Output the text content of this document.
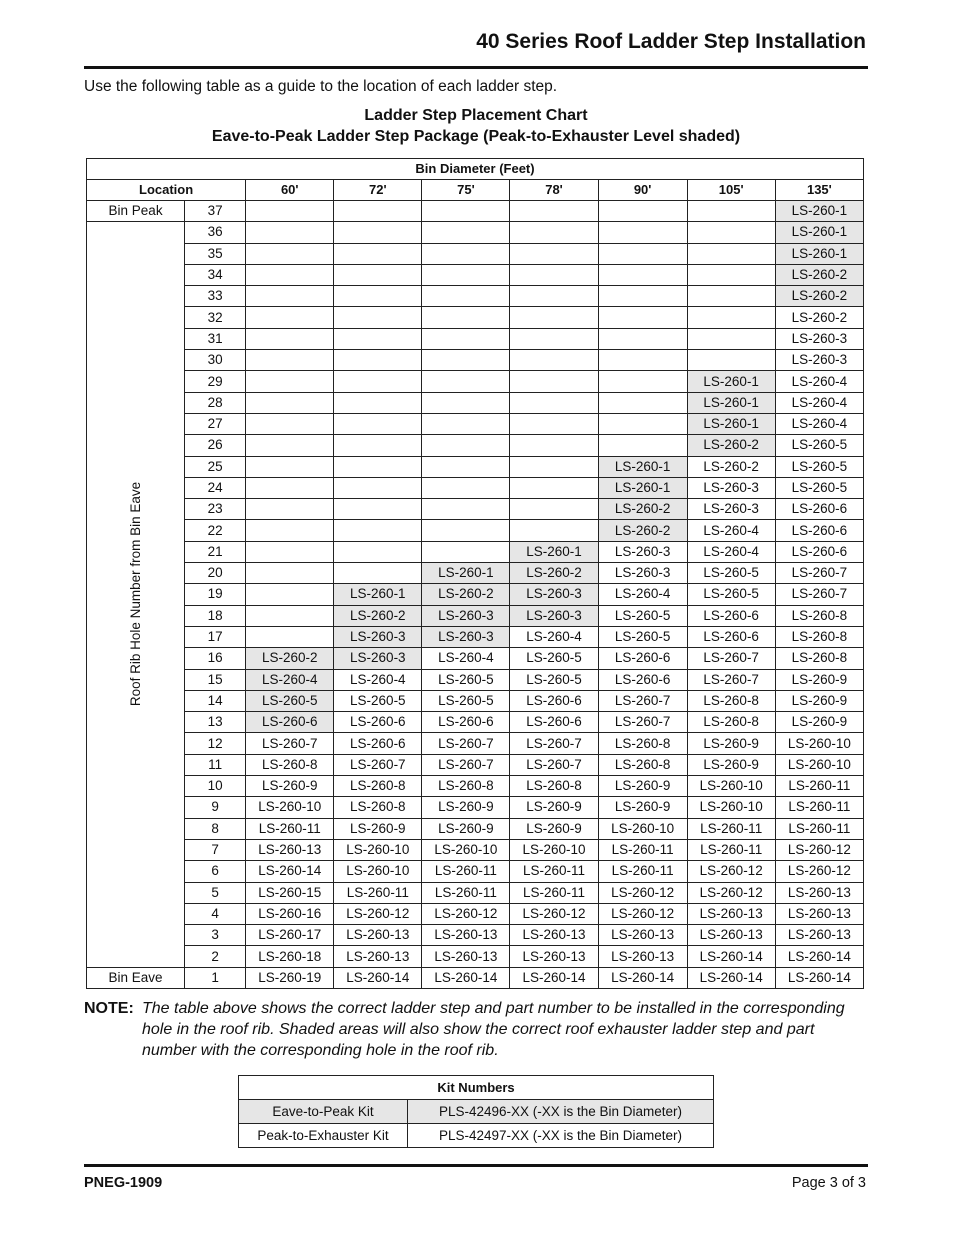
40 Series Roof Ladder Step Installation
Use the following table as a guide to the location of each ladder step.
Ladder Step Placement Chart
Eave-to-Peak Ladder Step Package (Peak-to-Exhauster Level shaded)
Bin Diameter (Feet)								
Location		60'	72'	75'	78'	90'	105'	135'
Bin Peak	37							LS-260-1

Roof Rib Hole Number from Bin Eave	36							LS-260-1
	35							LS-260-1
	34							LS-260-2
	33							LS-260-2
	32							LS-260-2
	31							LS-260-3
	30							LS-260-3
	29						LS-260-1	LS-260-4
	28						LS-260-1	LS-260-4
	27						LS-260-1	LS-260-4
	26						LS-260-2	LS-260-5
	25					LS-260-1	LS-260-2	LS-260-5
	24					LS-260-1	LS-260-3	LS-260-5
	23					LS-260-2	LS-260-3	LS-260-6
	22					LS-260-2	LS-260-4	LS-260-6
	21				LS-260-1	LS-260-3	LS-260-4	LS-260-6
	20			LS-260-1	LS-260-2	LS-260-3	LS-260-5	LS-260-7
	19		LS-260-1	LS-260-2	LS-260-3	LS-260-4	LS-260-5	LS-260-7
	18		LS-260-2	LS-260-3	LS-260-3	LS-260-5	LS-260-6	LS-260-8
	17		LS-260-3	LS-260-3	LS-260-4	LS-260-5	LS-260-6	LS-260-8
	16	LS-260-2	LS-260-3	LS-260-4	LS-260-5	LS-260-6	LS-260-7	LS-260-8
	15	LS-260-4	LS-260-4	LS-260-5	LS-260-5	LS-260-6	LS-260-7	LS-260-9
	14	LS-260-5	LS-260-5	LS-260-5	LS-260-6	LS-260-7	LS-260-8	LS-260-9
	13	LS-260-6	LS-260-6	LS-260-6	LS-260-6	LS-260-7	LS-260-8	LS-260-9
	12	LS-260-7	LS-260-6	LS-260-7	LS-260-7	LS-260-8	LS-260-9	LS-260-10
	11	LS-260-8	LS-260-7	LS-260-7	LS-260-7	LS-260-8	LS-260-9	LS-260-10
	10	LS-260-9	LS-260-8	LS-260-8	LS-260-8	LS-260-9	LS-260-10	LS-260-11
	9	LS-260-10	LS-260-8	LS-260-9	LS-260-9	LS-260-9	LS-260-10	LS-260-11
	8	LS-260-11	LS-260-9	LS-260-9	LS-260-9	LS-260-10	LS-260-11	LS-260-11
	7	LS-260-13	LS-260-10	LS-260-10	LS-260-10	LS-260-11	LS-260-11	LS-260-12
	6	LS-260-14	LS-260-10	LS-260-11	LS-260-11	LS-260-11	LS-260-12	LS-260-12
	5	LS-260-15	LS-260-11	LS-260-11	LS-260-11	LS-260-12	LS-260-12	LS-260-13
	4	LS-260-16	LS-260-12	LS-260-12	LS-260-12	LS-260-12	LS-260-13	LS-260-13
	3	LS-260-17	LS-260-13	LS-260-13	LS-260-13	LS-260-13	LS-260-13	LS-260-13
	2	LS-260-18	LS-260-13	LS-260-13	LS-260-13	LS-260-13	LS-260-14	LS-260-14
Bin Eave	1	LS-260-19	LS-260-14	LS-260-14	LS-260-14	LS-260-14	LS-260-14	LS-260-14
NOTE: The table above shows the correct ladder step and part number to be installed in the corresponding hole in the roof rib. Shaded areas will also show the correct roof exhauster ladder step and part number with the corresponding hole in the roof rib.
Kit Numbers	
Eave-to-Peak Kit	PLS-42496-XX (-XX is the Bin Diameter)
Peak-to-Exhauster Kit	PLS-42497-XX (-XX is the Bin Diameter)
PNEG-1909	Page 3 of 3
